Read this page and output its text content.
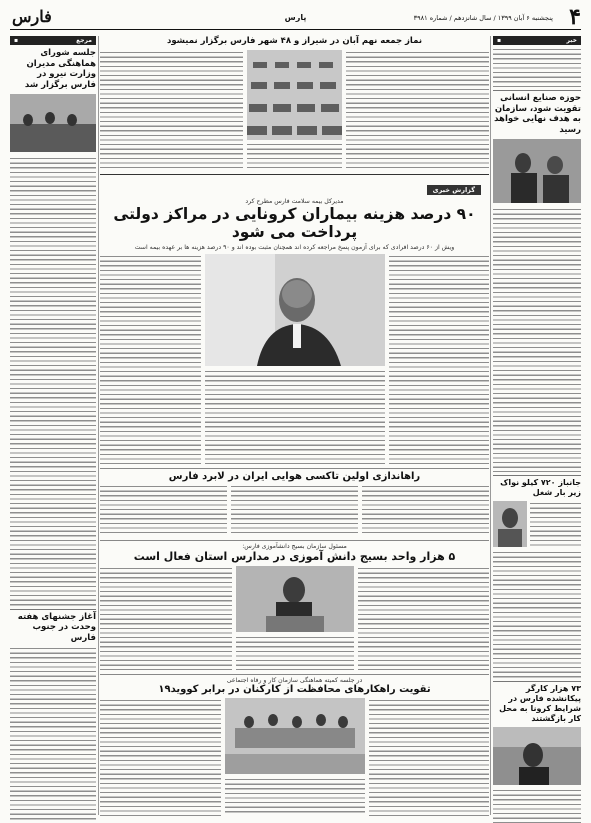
۴
پنجشنبه ۶ آبان ۱۳۹۹ / سال شانزدهم / شماره ۳۹۸۱
پارس
فارس
خبر
▪
حوزه صنایع انسانی تقویت شود، سازمان به هدف نهایی خواهد رسید
جانباز ۷۲۰ کیلو نواک زیر بار شغل
۷۳ هزار کارگر پیکانشده فارس در شرایط کرونا به محل کار بازگشتند
مرجع
▪
جلسه شورای هماهنگی مدیران وزارت نیرو در فارس برگزار شد
آغاز جشنهای هفته وحدت در جنوب فارس
نماز جمعه نهم آبان در شیراز و ۴۸ شهر فارس برگزار نمیشود
گزارش خبری
مدیرکل بیمه سلامت فارس مطرح کرد
۹۰ درصد هزینه بیماران کرونایی در مراکز دولتی پرداخت می شود
ویش از ۶۰ درصد افرادی که برای آزمون پسخ مراجعه کرده اند همچنان مثبت بوده اند و ۹۰ درصد هزینه ها بر عهده بیمه است
راهاندازی اولین تاکسی هوایی ایران در لابرد فارس
مسئول سازمان بسیج دانشآموزی فارس:
۵ هزار واحد بسیج دانش آموزی در مدارس استان فعال است
در جلسه کمیته هماهنگی سازمان کار و رفاه اجتماعی
تقویت راهکارهای محافظت از کارکنان در برابر کووید۱۹
